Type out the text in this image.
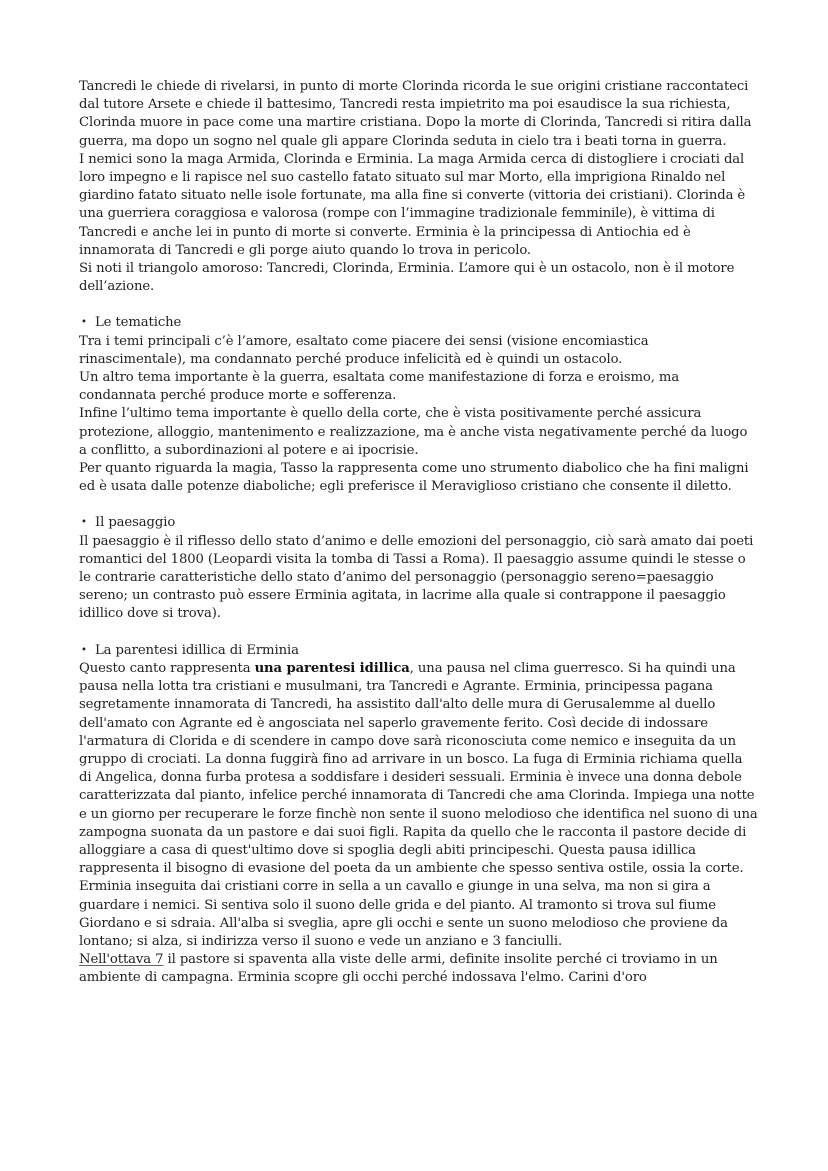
Tancredi le chiede di rivelarsi, in punto di morte Clorinda ricorda le sue origini cristiane raccontateci dal tutore Arsete e chiede il battesimo, Tancredi resta impietrito ma poi esaudisce la sua richiesta, Clorinda muore in pace come una martire cristiana. Dopo la morte di Clorinda, Tancredi si ritira dalla guerra, ma dopo un sogno nel quale gli appare Clorinda seduta in cielo tra i beati torna in guerra.

I nemici sono la maga Armida, Clorinda e Erminia. La maga Armida cerca di distogliere i crociati dal loro impegno e li rapisce nel suo castello fatato situato sul mar Morto, ella imprigiona Rinaldo nel giardino fatato situato nelle isole fortunate, ma alla fine si converte (vittoria dei cristiani). Clorinda è una guerriera coraggiosa e valorosa (rompe con l’immagine tradizionale femminile), è vittima di Tancredi e anche lei in punto di morte si converte. Erminia è la principessa di Antiochia ed è innamorata di Tancredi e gli porge aiuto quando lo trova in pericolo.

Si noti il triangolo amoroso: Tancredi, Clorinda, Erminia. L’amore qui è un ostacolo, non è il motore dell’azione.

• Le tematiche

Tra i temi principali c’è l’amore, esaltato come piacere dei sensi (visione encomiastica rinascimentale), ma condannato perché produce infelicità ed è quindi un ostacolo.

Un altro tema importante è la guerra, esaltata come manifestazione di forza e eroismo, ma condannata perché produce morte e sofferenza.

Infine l’ultimo tema importante è quello della corte, che è vista positivamente perché assicura protezione, alloggio, mantenimento e realizzazione, ma è anche vista negativamente perché da luogo a conflitto, a subordinazioni al potere e ai ipocrisie.

Per quanto riguarda la magia, Tasso la rappresenta come uno strumento diabolico che ha fini maligni ed è usata dalle potenze diaboliche; egli preferisce il Meraviglioso cristiano che consente il diletto.

• Il paesaggio

Il paesaggio è il riflesso dello stato d’animo e delle emozioni del personaggio, ciò sarà amato dai poeti romantici del 1800 (Leopardi visita la tomba di Tassi a Roma). Il paesaggio assume quindi le stesse o le contrarie caratteristiche dello stato d’animo del personaggio (personaggio sereno=paesaggio sereno; un contrasto può essere Erminia agitata, in lacrime alla quale si contrappone il paesaggio idillico dove si trova).

• La parentesi idillica di Erminia

Questo canto rappresenta una parentesi idillica, una pausa nel clima guerresco. Si ha quindi una pausa nella lotta tra cristiani e musulmani, tra Tancredi e Agrante. Erminia, principessa pagana segretamente innamorata di Tancredi, ha assistito dall'alto delle mura di Gerusalemme al duello dell'amato con Agrante ed è angosciata nel saperlo gravemente ferito. Così decide di indossare l'armatura di Clorida e di scendere in campo dove sarà riconosciuta come nemico e inseguita da un gruppo di crociati. La donna fuggirà fino ad arrivare in un bosco. La fuga di Erminia richiama quella di Angelica, donna furba protesa a soddisfare i desideri sessuali. Erminia è invece una donna debole caratterizzata dal pianto, infelice perché innamorata di Tancredi che ama Clorinda. Impiega una notte e un giorno per recuperare le forze finchè non sente il suono melodioso che identifica nel suono di una zampogna suonata da un pastore e dai suoi figli. Rapita da quello che le racconta il pastore decide di alloggiare a casa di quest'ultimo dove si spoglia degli abiti principeschi. Questa pausa idillica rappresenta il bisogno di evasione del poeta da un ambiente che spesso sentiva ostile, ossia la corte.

Erminia inseguita dai cristiani corre in sella a un cavallo e giunge in una selva, ma non si gira a guardare i nemici. Si sentiva solo il suono delle grida e del pianto. Al tramonto si trova sul fiume Giordano e si sdraia. All'alba si sveglia, apre gli occhi e sente un suono melodioso che proviene da lontano; si alza, si indirizza verso il suono e vede un anziano e 3 fanciulli.

Nell'ottava 7 il pastore si spaventa alla viste delle armi, definite insolite perché ci troviamo in un ambiente di campagna. Erminia scopre gli occhi perché indossava l'elmo. Carini d'oro
